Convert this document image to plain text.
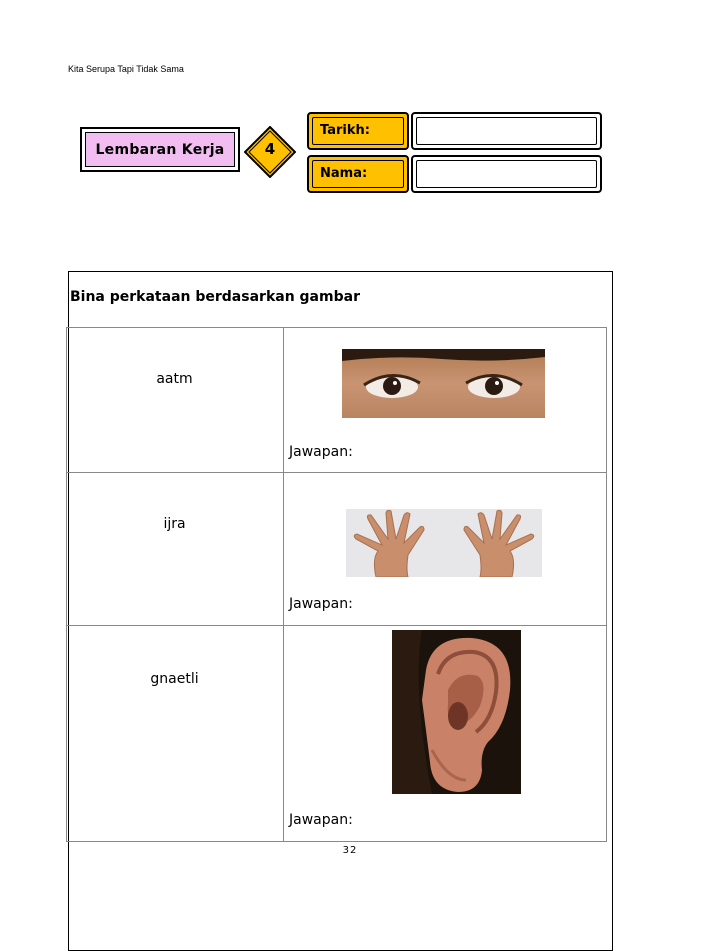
Kita Serupa Tapi Tidak Sama
Lembaran Kerja	4
Tarikh:
Nama:
Bina perkataan berdasarkan gambar
aatm
Jawapan:
ijra
Jawapan:
gnaetli
Jawapan:
32
